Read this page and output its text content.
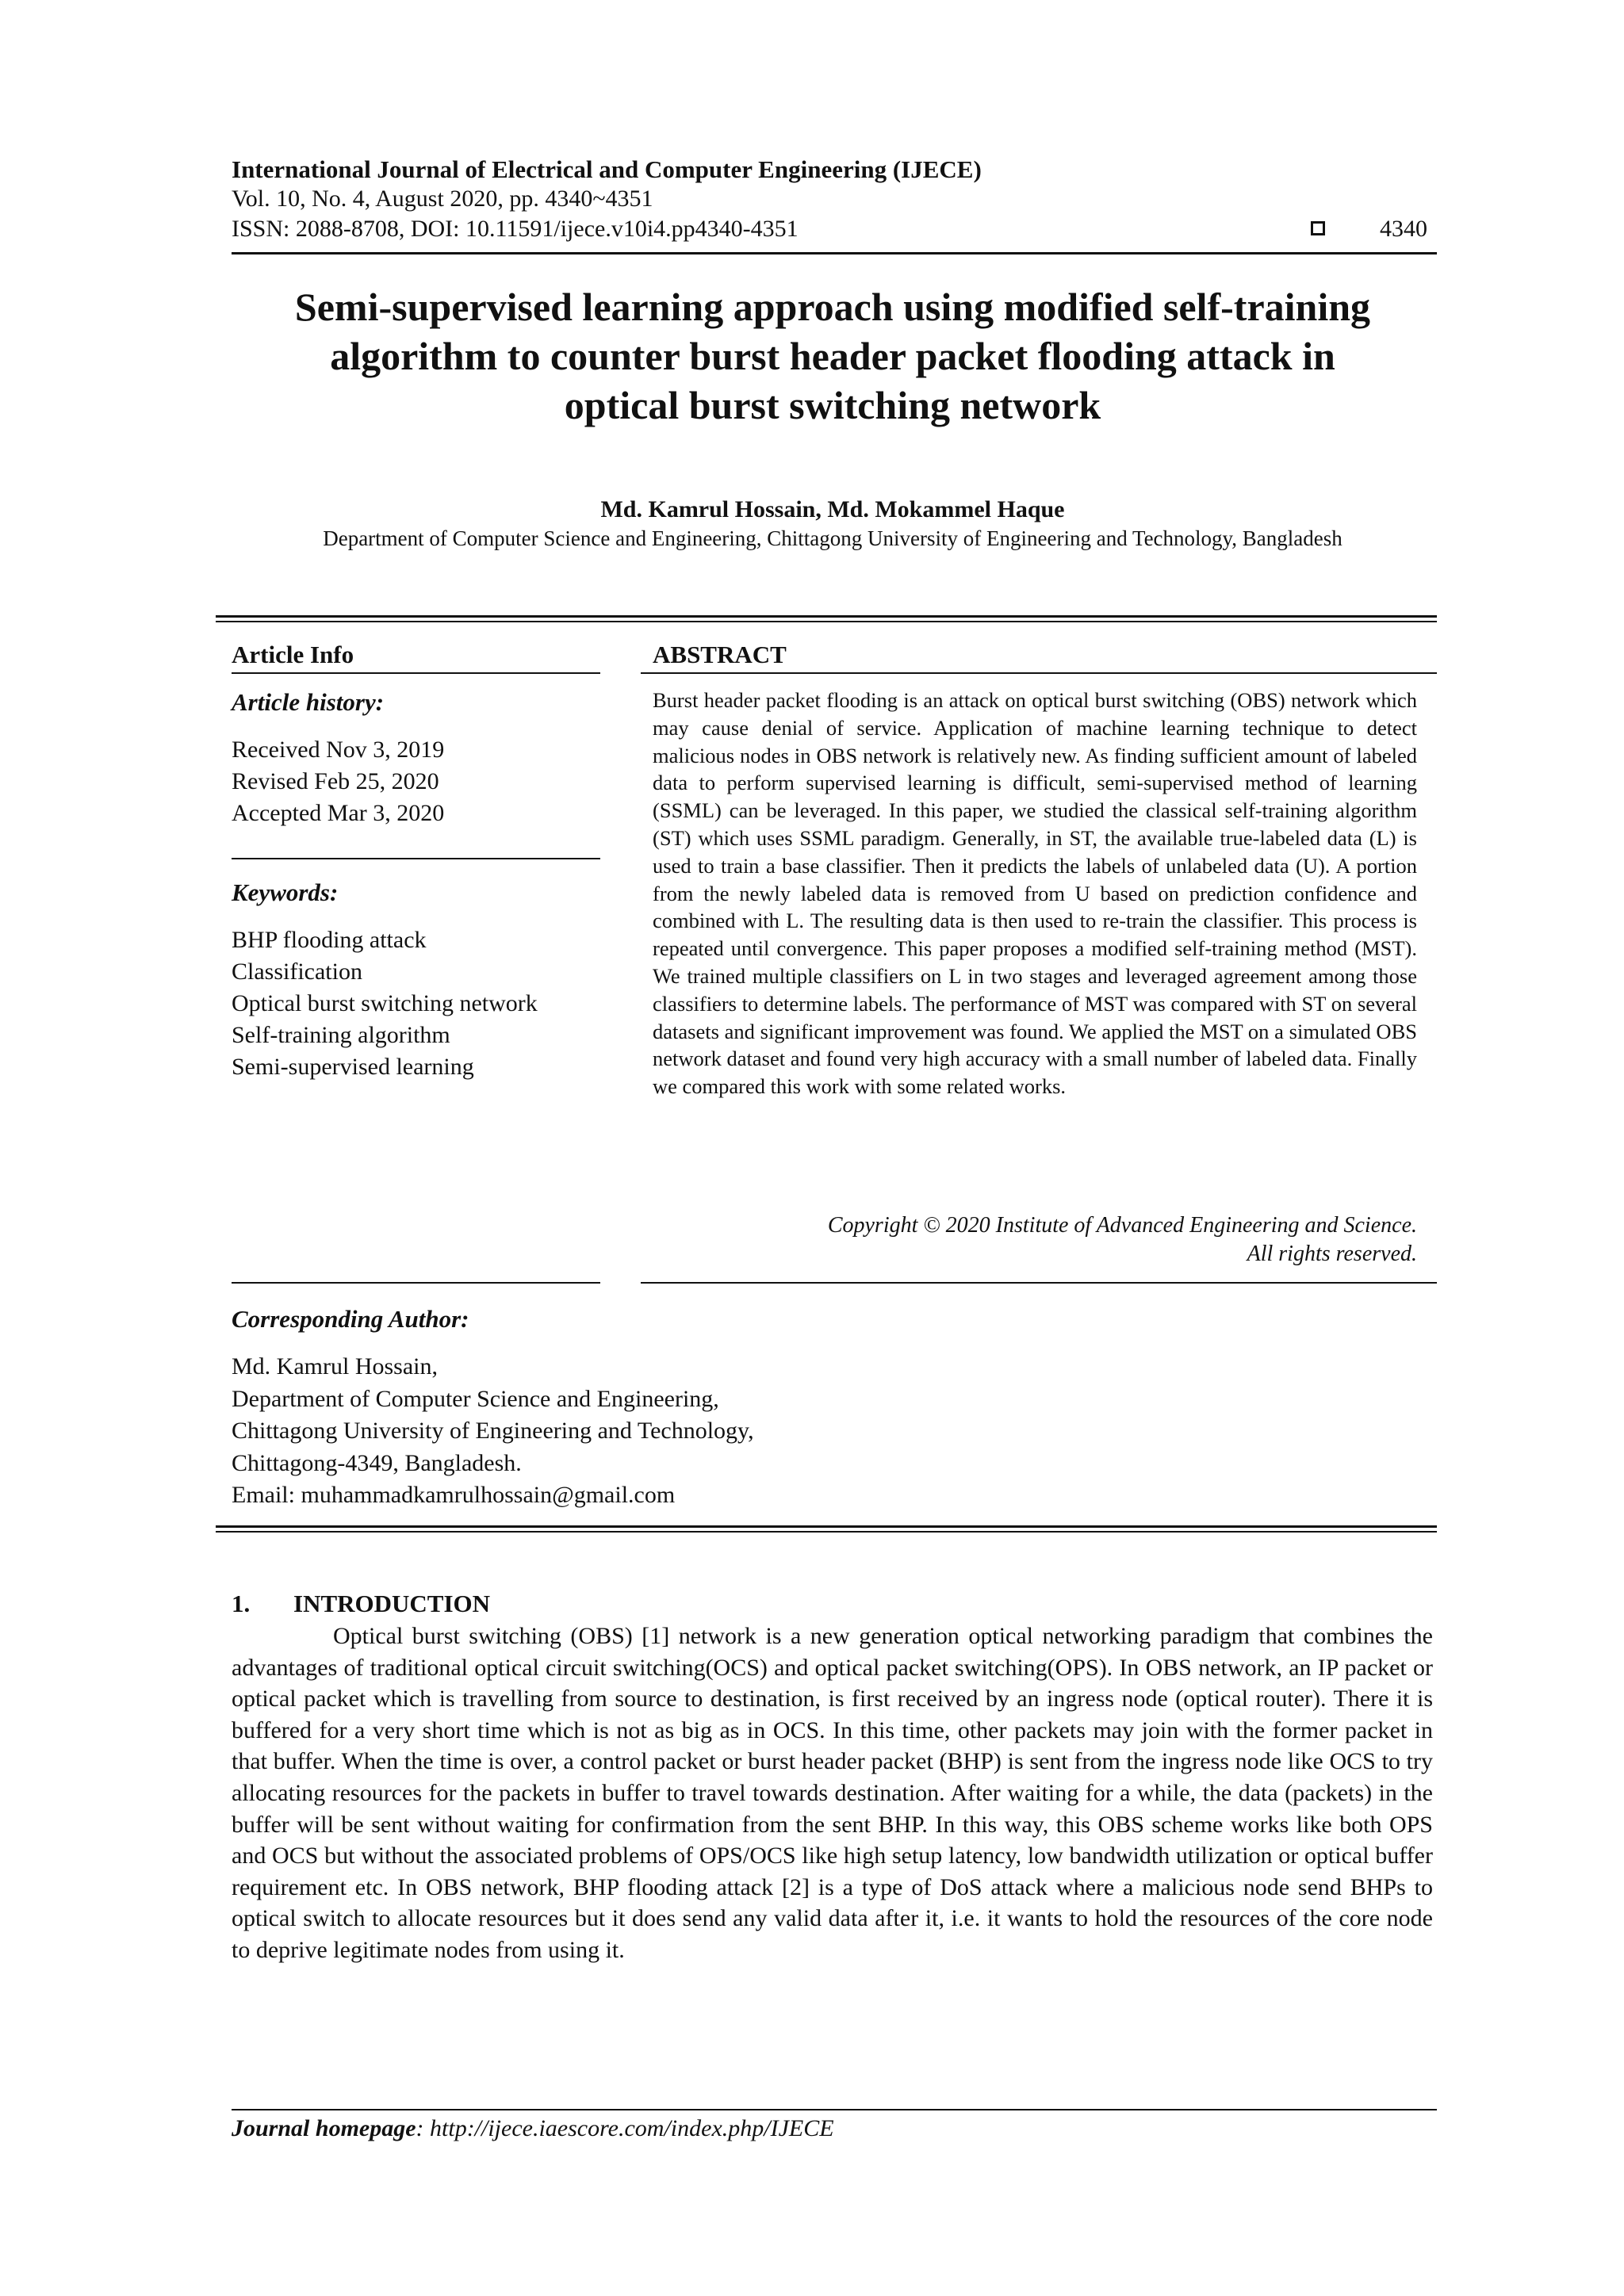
International Journal of Electrical and Computer Engineering (IJECE)
Vol. 10, No. 4, August 2020, pp. 4340~4351
ISSN: 2088-8708, DOI: 10.11591/ijece.v10i4.pp4340-4351	4340
Semi-supervised learning approach using modified self-training
algorithm to counter burst header packet flooding attack in
optical burst switching network
Md. Kamrul Hossain, Md. Mokammel Haque
Department of Computer Science and Engineering, Chittagong University of Engineering and Technology, Bangladesh
Article Info
Article history:
Received Nov 3, 2019
Revised Feb 25, 2020
Accepted Mar 3, 2020
Keywords:
BHP flooding attack
Classification
Optical burst switching network
Self-training algorithm
Semi-supervised learning
ABSTRACT
Burst header packet flooding is an attack on optical burst switching (OBS) network which may cause denial of service. Application of machine learning technique to detect malicious nodes in OBS network is relatively new. As finding sufficient amount of labeled data to perform supervised learning is difficult, semi-supervised method of learning (SSML) can be leveraged. In this paper, we studied the classical self-training algorithm (ST) which uses SSML paradigm. Generally, in ST, the available true-labeled data (L) is used to train a base classifier. Then it predicts the labels of unlabeled data (U). A portion from the newly labeled data is removed from U based on prediction confidence and combined with L. The resulting data is then used to re-train the classifier. This process is repeated until convergence. This paper proposes a modified self-training method (MST). We trained multiple classifiers on L in two stages and leveraged agreement among those classifiers to determine labels. The performance of MST was compared with ST on several datasets and significant improvement was found. We applied the MST on a simulated OBS network dataset and found very high accuracy with a small number of labeled data. Finally we compared this work with some related works.
Copyright © 2020 Institute of Advanced Engineering and Science.
All rights reserved.
Corresponding Author:
Md. Kamrul Hossain,
Department of Computer Science and Engineering,
Chittagong University of Engineering and Technology,
Chittagong-4349, Bangladesh.
Email: muhammadkamrulhossain@gmail.com
1. INTRODUCTION
Optical burst switching (OBS) [1] network is a new generation optical networking paradigm that combines the advantages of traditional optical circuit switching(OCS) and optical packet switching(OPS). In OBS network, an IP packet or optical packet which is travelling from source to destination, is first received by an ingress node (optical router). There it is buffered for a very short time which is not as big as in OCS. In this time, other packets may join with the former packet in that buffer. When the time is over, a control packet or burst header packet (BHP) is sent from the ingress node like OCS to try allocating resources for the packets in buffer to travel towards destination. After waiting for a while, the data (packets) in the buffer will be sent without waiting for confirmation from the sent BHP. In this way, this OBS scheme works like both OPS and OCS but without the associated problems of OPS/OCS like high setup latency, low bandwidth utilization or optical buffer requirement etc. In OBS network, BHP flooding attack [2] is a type of DoS attack where a malicious node send BHPs to optical switch to allocate resources but it does send any valid data after it, i.e. it wants to hold the resources of the core node to deprive legitimate nodes from using it.
Journal homepage: http://ijece.iaescore.com/index.php/IJECE
